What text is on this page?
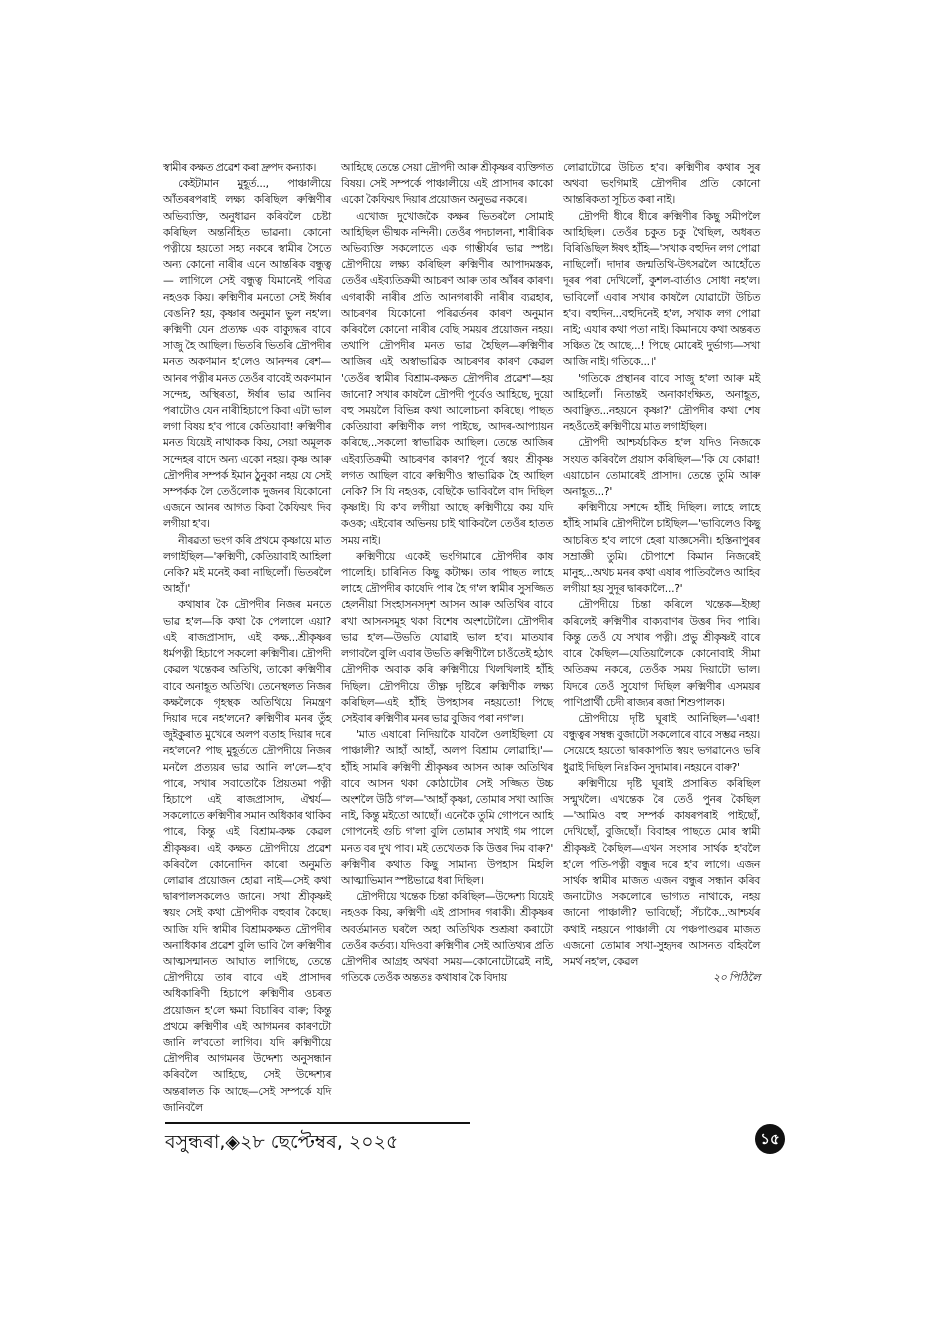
স্বামীৰ কক্ষত প্ৰৱেশ কৰা দ্ৰুপদ কন্যাক।

কেইটামান মুহূৰ্ত..., পাঞ্চালীয়ে আঁতৰৰপৰাই লক্ষ্য কৰিছিল ৰুক্মিণীৰ অভিব্যক্তি, অনুধাৱন কৰিবলৈ চেষ্টা কৰিছিল অন্তৰ্নিহিত ভাৱনা। কোনো পত্নীয়ে হয়তো সহ্য নকৰে স্বামীৰ সৈতে অন্য কোনো নাৰীৰ এনে আন্তৰিক বন্ধুত্ব— লাগিলে সেই বন্ধুত্ব যিমানেই পবিত্ৰ নহওক কিয়। ৰুক্মিণীৰ মনতো সেই ঈৰ্ষাৰ বেঙনি? হয়, কৃষ্ণাৰ অনুমান ভুল নহ'ল। ৰুক্মিণী যেন প্ৰত্যক্ষ এক বাক্যুদ্ধৰ বাবে সাজু হৈ আছিল। ভিতৰি ভিতৰি দ্ৰৌপদীৰ মনত অকণমান হ'লেও আনন্দৰ ৰেশ—আনৰ পত্নীৰ মনত তেওঁৰ বাবেই অকণমান সন্দেহ, অস্থিৰতা, ঈৰ্ষাৰ ভাৱ আনিব পৰাটোও যেন নাৰীহিচাপে কিবা এটা ভাল লগা বিষয় হ'ব পাৰে কেতিয়াবা! ৰুক্মিণীৰ মনত যিয়েই নাথাকক কিয়, সেয়া অমূলক সন্দেহৰ বাদে অন্য একো নহয়। কৃষ্ণ আৰু দ্ৰৌপদীৰ সম্পৰ্ক ইমান ঠুনুকা নহয় যে সেই সম্পৰ্কক লৈ তেওঁলোক দুজনৰ যিকোনো এজনে আনৰ আগত কিবা কৈফিয়ৎ দিব লগীয়া হ'ব।

নীৰৱতা ভংগ কৰি প্ৰথমে কৃষ্ণায়ে মাত লগাইছিল—'ৰুক্মিণী, কেতিয়াবাই আহিলা নেকি? মই মনেই কৰা নাছিলোঁ। ভিতৰলৈ আহাঁ।'

কথাষাৰ কৈ দ্ৰৌপদীৰ নিজৰ মনতে ভাৱ হ'ল—কি কথা কৈ পেলালে এয়া? এই ৰাজপ্ৰাসাদ, এই কক্ষ...শ্ৰীকৃষ্ণৰ ধৰ্মপত্নী হিচাপে সকলো ৰুক্মিণীৰ। দ্ৰৌপদী কেৱল খন্তেকৰ অতিথি, তাকো ৰুক্মিণীৰ বাবে অনাহূত অতিথি। তেনেস্থলত নিজৰ কক্ষলৈকে গৃহস্থক অতিথিয়ে নিমন্ত্ৰণ দিয়াৰ দৰে নহ'লনে? ৰুক্মিণীৰ মনৰ তুঁহ জুইকুৰাত মুখেৰে অলপ বতাহ দিয়াৰ দৰে নহ'লনে? পাছ মুহূৰ্ততে দ্ৰৌপদীয়ে নিজৰ মনলৈ প্ৰত্যয়ৰ ভাৱ আনি ল'লে—হ'ব পাৰে, সখাৰ সবাতোকৈ প্ৰিয়তমা পত্নী হিচাপে এই ৰাজপ্ৰাসাদ, ঐশ্বৰ্য—সকলোতে ৰুক্মিণীৰ সমান অধিকাৰ থাকিব পাৰে, কিন্তু এই বিশ্ৰাম-কক্ষ কেৱল শ্ৰীকৃষ্ণৰ। এই কক্ষত দ্ৰৌপদীয়ে প্ৰৱেশ কৰিবলৈ কোনোদিন কাৰো অনুমতি লোৱাৰ প্ৰয়োজন হোৱা নাই—সেই কথা দ্বাৰপালসকলেও জানে। সখা শ্ৰীকৃষ্ণই স্বয়ং সেই কথা দ্ৰৌপদীক বহুবাৰ কৈছে। আজি যদি স্বামীৰ বিশ্ৰামকক্ষত দ্ৰৌপদীৰ অনাধিকাৰ প্ৰৱেশ বুলি ভাবি লৈ ৰুক্মিণীৰ আত্মসন্মানত আঘাত লাগিছে, তেন্তে দ্ৰৌপদীয়ে তাৰ বাবে এই প্ৰাসাদৰ অধিকাৰিণী হিচাপে ৰুক্মিণীৰ ওচৰত প্ৰয়োজন হ'লে ক্ষমা বিচাৰিব বাৰু; কিন্তু প্ৰথমে ৰুক্মিণীৰ এই আগমনৰ কাৰণটো জানি ল'বতো লাগিব। যদি ৰুক্মিণীয়ে দ্ৰৌপদীৰ আগমনৰ উদ্দেশ্য অনুসন্ধান কৰিবলৈ আহিছে, সেই উদ্দেশ্যৰ অন্তৰালত কি আছে—সেই সম্পৰ্কে যদি জানিবলৈ

আহিছে তেন্তে সেয়া দ্ৰৌপদী আৰু শ্ৰীকৃষ্ণৰ ব্যক্তিগত বিষয়। সেই সম্পৰ্কে পাঞ্চালীয়ে এই প্ৰাসাদৰ কাকো একো কৈফিয়ৎ দিয়াৰ প্ৰয়োজন অনুভৱ নকৰে।

এখোজ দুখোজকৈ কক্ষৰ ভিতৰলৈ সোমাই আহিছিল ভীষ্মক নন্দিনী। তেওঁৰ পদচালনা, শাৰীৰিক অভিব্যক্তি সকলোতে এক গাম্ভীৰ্যৰ ভাৱ স্পষ্ট। দ্ৰৌপদীয়ে লক্ষ্য কৰিছিল ৰুক্মিণীৰ আপাদমস্তক, তেওঁৰ এইব্যতিক্ৰমী আচৰণ আৰু তাৰ আঁৰৰ কাৰণ। এগৰাকী নাৰীৰ প্ৰতি আনগৰাকী নাৰীৰ ব্যৱহাৰ, আচৰণৰ যিকোনো পৰিৱৰ্তনৰ কাৰণ অনুমান কৰিবলৈ কোনো নাৰীৰ বেছি সময়ৰ প্ৰয়োজন নহয়। তথাপি দ্ৰৌপদীৰ মনত ভাৱ হৈছিল—ৰুক্মিণীৰ আজিৰ এই অস্বাভাৱিক আচৰণৰ কাৰণ কেৱল 'তেওঁৰ স্বামীৰ বিশ্ৰাম-কক্ষত দ্ৰৌপদীৰ প্ৰৱেশ'—হয় জানো? সখাৰ কাষলৈ দ্ৰৌপদী পূৰ্বেও আহিছে, দুয়ো বহু সময়লৈ বিভিন্ন কথা আলোচনা কৰিছে। পাছত কেতিয়াবা ৰুক্মিণীক লগ পাইছে, আদৰ-আপ্যায়ন কৰিছে...সকলো স্বাভাৱিক আছিল। তেন্তে আজিৰ এইব্যতিক্ৰমী আচৰণৰ কাৰণ? পূৰ্বে স্বয়ং শ্ৰীকৃষ্ণ লগত আছিল বাবে ৰুক্মিণীও স্বাভাৱিক হৈ আছিল নেকি? সি যি নহওক, বেছিকৈ ভাবিবলৈ বাদ দিছিল কৃষ্ণাই। যি ক'ব লগীয়া আছে ৰুক্মিণীয়ে কয় যদি কওক; এইবোৰ অভিনয় চাই থাকিবলৈ তেওঁৰ হাতত সময় নাই।

ৰুক্মিণীয়ে একেই ভংগিমাৰে দ্ৰৌপদীৰ কাষ পালেহি। চাৰিনিত কিছু কটাক্ষ। তাৰ পাছত লাহে লাহে দ্ৰৌপদীৰ কাষেদি পাৰ হৈ গ'ল স্বামীৰ সুসজ্জিত হেলনীয়া সিংহাসনসদৃশ আসন আৰু অতিথিৰ বাবে ৰখা আসনসমূহ থকা বিশেষ অংশটোলৈ। দ্ৰৌপদীৰ ভাৱ হ'ল—উভতি যোৱাই ভাল হ'ব। মাতযাৰ লগাবলৈ বুলি এবাৰ উভতি ৰুক্মিণীলৈ চাওঁতেই হঠাৎ দ্ৰৌপদীক অবাক কৰি ৰুক্মিণীয়ে খিলখিলাই হাঁহি দিছিল। দ্ৰৌপদীয়ে তীক্ষ্ণ দৃষ্টিৰে ৰুক্মিণীক লক্ষ্য কৰিছিল—এই হাঁহি উপহাসৰ নহয়তো! পিছে সেইবাৰ ৰুক্মিণীৰ মনৰ ভাৱ বুজিব পৰা নগ'ল।

'মাত এষাৰো নিদিয়াকৈ যাবলৈ ওলাইছিলা যে পাঞ্চালী? আহাঁ আহাঁ, অলপ বিশ্ৰাম লোৱাহি।'—হাঁহি সামৰি ৰুক্মিণী শ্ৰীকৃষ্ণৰ আসন আৰু অতিথিৰ বাবে আসন থকা কোঠাটোৰ সেই সজ্জিত উচ্চ অংশলৈ উঠি গ'ল—'আহাঁ কৃষ্ণা, তোমাৰ সখা আজি নাই, কিন্তু মইতো আছোঁ। এনেকৈ তুমি গোপনে আহি গোপনেই গুচি গ'লা বুলি তোমাৰ সখাই গম পালে মনত বৰ দুখ পাব। মই তেখেতক কি উত্তৰ দিম বাৰু?' ৰুক্মিণীৰ কথাত কিছু সামান্য উপহাস মিহলি আত্মাভিমান স্পষ্টভাৱে ধৰা দিছিল।

দ্ৰৌপদীয়ে খন্তেক চিন্তা কৰিছিল—উদ্দেশ্য যিয়েই নহওক কিয়, ৰুক্মিণী এই প্ৰাসাদৰ গৰাকী। শ্ৰীকৃষ্ণৰ অবৰ্তমানত ঘৰলৈ অহা অতিথিক শুশ্ৰূষা কৰাটো তেওঁৰ কৰ্তব্য। যদিওবা ৰুক্মিণীৰ সেই আতিথ্যৰ প্ৰতি দ্ৰৌপদীৰ আগ্ৰহ অথবা সময়—কোনোটোৱেই নাই, গতিকে তেওঁক অন্ততঃ কথাষাৰ কৈ বিদায়

লোৱাটোৱে উচিত হ'ব। ৰুক্মিণীৰ কথাৰ সুৰ অথবা ভংগিমাই দ্ৰৌপদীৰ প্ৰতি কোনো আন্তৰিকতা সূচিত কৰা নাই।

দ্ৰৌপদী ধীৰে ধীৰে ৰুক্মিণীৰ কিছু সমীপলৈ আহিছিল। তেওঁৰ চকুত চকু থৈছিল, অধৰত বিৰিঙিছিল ঈষৎ হাঁহি—'সখাক বহুদিন লগ পোৱা নাছিলোঁ। দাদাৰ জন্মতিথি-উৎসৱলৈ আহোঁতে দূৰৰ পৰা দেখিলোঁ, কুশল-বাৰ্তাও সোধা নহ'ল। ভাবিলোঁ এবাৰ সখাৰ কাষলৈ যোৱাটো উচিত হ'ব। বহুদিন...বহুদিনেই হ'ল, সখাক লগ পোৱা নাই; এযাৰ কথা পতা নাই। কিমানযে কথা অন্তৰত সঞ্চিত হৈ আছে...! পিছে মোৰেই দুৰ্ভাগ্য—সখা আজি নাই। গতিকে...।'

'গতিকে প্ৰস্থানৰ বাবে সাজু হ'লা আৰু মই আহিলোঁ। নিতান্তই অনাকাংক্ষিত, অনাহূত, অবাঞ্ছিত...নহয়নে কৃষ্ণা?' দ্ৰৌপদীৰ কথা শেষ নহওঁতেই ৰুক্মিণীয়ে মাত লগাইছিল।

দ্ৰৌপদী আশ্চৰ্যচকিত হ'ল যদিও নিজকে সংযত কৰিবলৈ প্ৰয়াস কৰিছিল—'কি যে কোৱা! এয়াচোন তোমাৰেই প্ৰাসাদ। তেন্তে তুমি আৰু অনাহূত...?'

ৰুক্মিণীয়ে সশব্দে হাঁহি দিছিল। লাহে লাহে হাঁহি সামৰি দ্ৰৌপদীলৈ চাইছিল—'ভাবিলেও কিছু আচৰিত হ'ব লাগে হেৰা যাজ্ঞসেনী। হস্তিনাপুৰৰ সম্ৰাজ্ঞী তুমি। চৌপাশে কিমান নিজৰেই মানুহ...অথচ মনৰ কথা এষাৰ পাতিবলৈও আহিব লগীয়া হয় সুদূৰ দ্বাৰকালৈ...?'

দ্ৰৌপদীয়ে চিন্তা কৰিলে খন্তেক—ইচ্ছা কৰিলেই ৰুক্মিণীৰ বাক্যবাণৰ উত্তৰ দিব পাৰি। কিন্তু তেওঁ যে সখাৰ পত্নী। প্ৰভু শ্ৰীকৃষ্ণই বাৰে বাৰে কৈছিল—যেতিয়ালৈকে কোনোবাই সীমা অতিক্ৰম নকৰে, তেওঁক সময় দিয়াটো ভাল। যিদৰে তেওঁ সুযোগ দিছিল ৰুক্মিণীৰ এসময়ৰ পাণিপ্ৰাৰ্থী চেদী ৰাজ্যৰ ৰজা শিশুপালক।

দ্ৰৌপদীয়ে দৃষ্টি ঘূৰাই আনিছিল—'এৰা! বন্ধুত্বৰ সম্বন্ধ বুজাটো সকলোৰে বাবে সম্ভৱ নহয়। সেয়েহে হয়তো দ্বাৰকাপতি স্বয়ং ভগৱানেও ভৰি ধুৱাই দিছিল নিঃকিন সুদামাৰ। নহয়নে বাৰু?'

ৰুক্মিণীয়ে দৃষ্টি ঘূৰাই প্ৰসাৰিত কৰিছিল সন্মুখলৈ। এখন্তেক ৰৈ তেওঁ পুনৰ কৈছিল—'আমিও বহু সম্পৰ্ক কাষৰপৰাই পাইছোঁ, দেখিছোঁ, বুজিছোঁ। বিবাহৰ পাছতে মোৰ স্বামী শ্ৰীকৃষ্ণই কৈছিল—এখন সংসাৰ সাৰ্থক হ'বলৈ হ'লে পতি-পত্নী বন্ধুৰ দৰে হ'ব লাগে। এজন সাৰ্থক স্বামীৰ মাজত এজন বন্ধুৰ সন্ধান কৰিব জনাটোও সকলোৰে ভাগ্যত নাথাকে, নহয় জানো পাঞ্চালী? ভাবিছোঁ; সঁচাকৈ...আশ্চৰ্যৰ কথাই নহয়নে পাঞ্চালী যে পঞ্চপাণ্ডৱৰ মাজত এজনো তোমাৰ সখা-সুহৃদৰ আসনত বহিবলৈ সমৰ্থ নহ'ল, কেৱল

২০ পিঠিলৈ
বসুন্ধৰা,◈২৮ ছেপ্টেম্বৰ, ২০২৫	১৫
